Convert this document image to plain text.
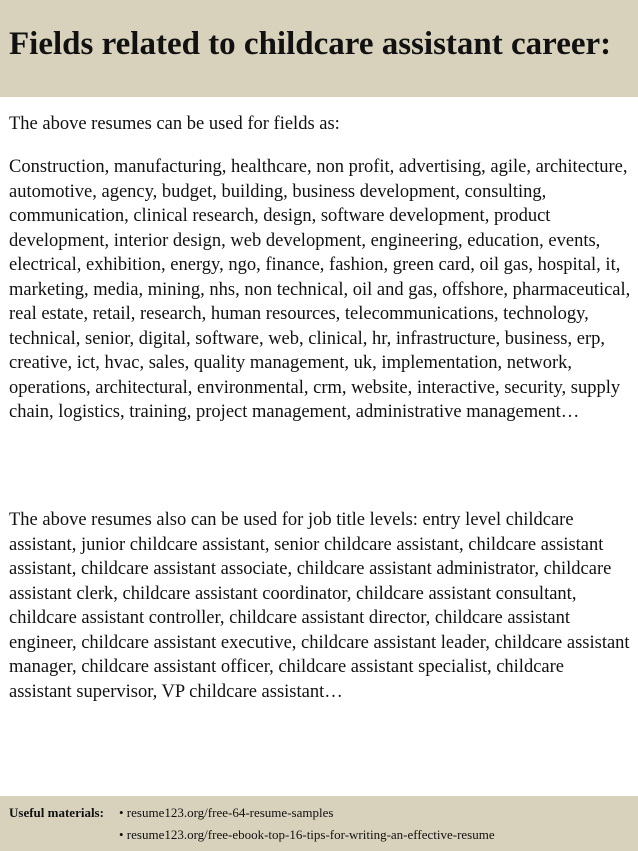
Fields related to childcare assistant career:

The above resumes can be used for fields as:

Construction, manufacturing, healthcare, non profit, advertising, agile, architecture, automotive, agency, budget, building, business development, consulting, communication, clinical research, design, software development, product development, interior design, web development, engineering, education, events, electrical, exhibition, energy, ngo, finance, fashion, green card, oil gas, hospital, it, marketing, media, mining, nhs, non technical, oil and gas, offshore, pharmaceutical, real estate, retail, research, human resources, telecommunications, technology, technical, senior, digital, software, web, clinical, hr, infrastructure, business, erp, creative, ict, hvac, sales, quality management, uk, implementation, network, operations, architectural, environmental, crm, website, interactive, security, supply chain, logistics, training, project management, administrative management…

The above resumes also can be used for job title levels: entry level childcare assistant, junior childcare assistant, senior childcare assistant, childcare assistant assistant, childcare assistant associate, childcare assistant administrator, childcare assistant clerk, childcare assistant coordinator, childcare assistant consultant, childcare assistant controller, childcare assistant director, childcare assistant engineer, childcare assistant executive, childcare assistant leader, childcare assistant manager, childcare assistant officer, childcare assistant specialist, childcare assistant supervisor, VP childcare assistant…

Useful materials: • resume123.org/free-64-resume-samples
• resume123.org/free-ebook-top-16-tips-for-writing-an-effective-resume
